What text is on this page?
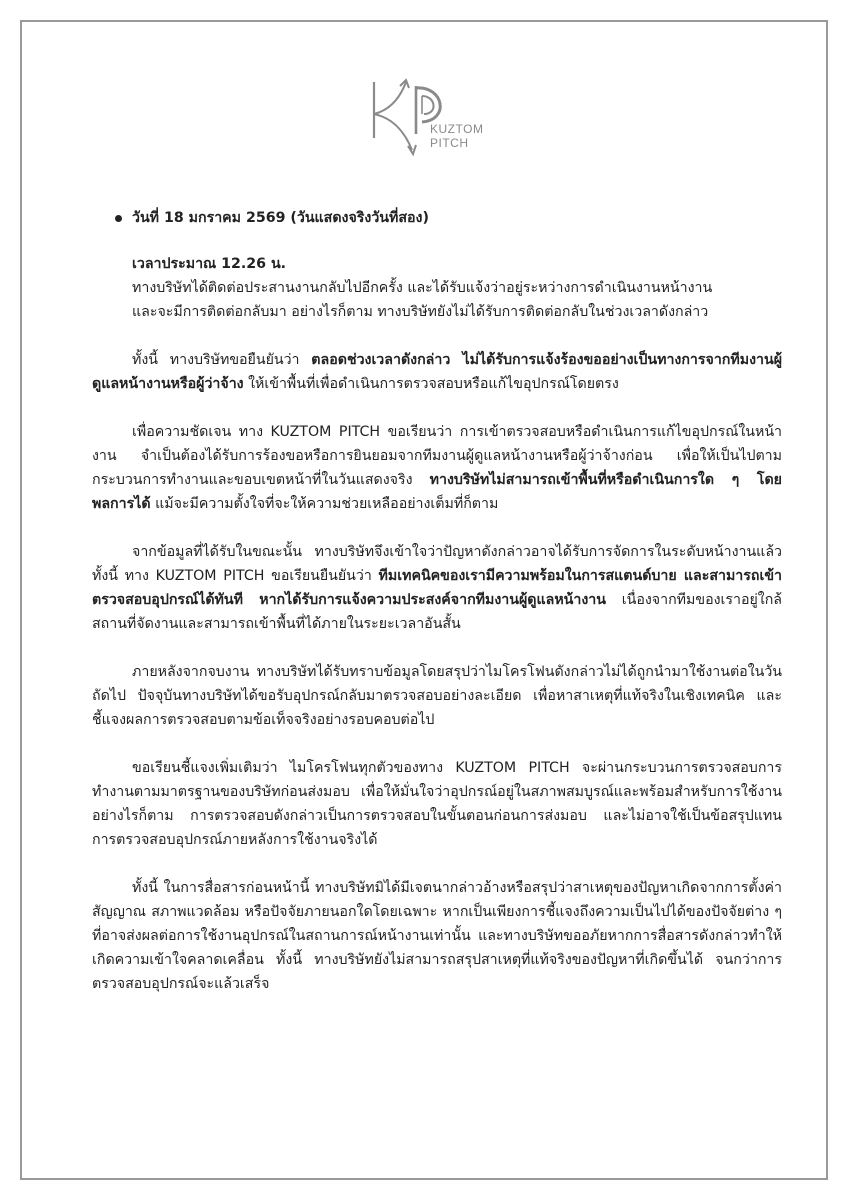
KUZTOM
PITCH
วันที่ 18 มกราคม 2569 (วันแสดงจริงวันที่สอง)
เวลาประมาณ 12.26 น.
ทางบริษัทได้ติดต่อประสานงานกลับไปอีกครั้ง และได้รับแจ้งว่าอยู่ระหว่างการดำเนินงานหน้างาน
และจะมีการติดต่อกลับมา อย่างไรก็ตาม ทางบริษัทยังไม่ได้รับการติดต่อกลับในช่วงเวลาดังกล่าว

ทั้งนี้ ทางบริษัทขอยืนยันว่า ตลอดช่วงเวลาดังกล่าว ไม่ได้รับการแจ้งร้องขออย่างเป็นทางการจากทีมงานผู้ดูแลหน้างานหรือผู้ว่าจ้าง ให้เข้าพื้นที่เพื่อดำเนินการตรวจสอบหรือแก้ไขอุปกรณ์โดยตรง

เพื่อความชัดเจน ทาง KUZTOM PITCH ขอเรียนว่า การเข้าตรวจสอบหรือดำเนินการแก้ไขอุปกรณ์ในหน้างาน จำเป็นต้องได้รับการร้องขอหรือการยินยอมจากทีมงานผู้ดูแลหน้างานหรือผู้ว่าจ้างก่อน เพื่อให้เป็นไปตามกระบวนการทำงานและขอบเขตหน้าที่ในวันแสดงจริง ทางบริษัทไม่สามารถเข้าพื้นที่หรือดำเนินการใด ๆ โดยพลการได้ แม้จะมีความตั้งใจที่จะให้ความช่วยเหลืออย่างเต็มที่ก็ตาม

จากข้อมูลที่ได้รับในขณะนั้น ทางบริษัทจึงเข้าใจว่าปัญหาดังกล่าวอาจได้รับการจัดการในระดับหน้างานแล้ว ทั้งนี้ ทาง KUZTOM PITCH ขอเรียนยืนยันว่า ทีมเทคนิคของเรามีความพร้อมในการสแตนด์บาย และสามารถเข้าตรวจสอบอุปกรณ์ได้ทันที หากได้รับการแจ้งความประสงค์จากทีมงานผู้ดูแลหน้างาน เนื่องจากทีมของเราอยู่ใกล้สถานที่จัดงานและสามารถเข้าพื้นที่ได้ภายในระยะเวลาอันสั้น

ภายหลังจากจบงาน ทางบริษัทได้รับทราบข้อมูลโดยสรุปว่าไมโครโฟนดังกล่าวไม่ได้ถูกนำมาใช้งานต่อในวันถัดไป ปัจจุบันทางบริษัทได้ขอรับอุปกรณ์กลับมาตรวจสอบอย่างละเอียด เพื่อหาสาเหตุที่แท้จริงในเชิงเทคนิค และชี้แจงผลการตรวจสอบตามข้อเท็จจริงอย่างรอบคอบต่อไป

ขอเรียนชี้แจงเพิ่มเติมว่า ไมโครโฟนทุกตัวของทาง KUZTOM PITCH จะผ่านกระบวนการตรวจสอบการทำงานตามมาตรฐานของบริษัทก่อนส่งมอบ เพื่อให้มั่นใจว่าอุปกรณ์อยู่ในสภาพสมบูรณ์และพร้อมสำหรับการใช้งาน อย่างไรก็ตาม การตรวจสอบดังกล่าวเป็นการตรวจสอบในขั้นตอนก่อนการส่งมอบ และไม่อาจใช้เป็นข้อสรุปแทนการตรวจสอบอุปกรณ์ภายหลังการใช้งานจริงได้

ทั้งนี้ ในการสื่อสารก่อนหน้านี้ ทางบริษัทมิได้มีเจตนากล่าวอ้างหรือสรุปว่าสาเหตุของปัญหาเกิดจากการตั้งค่าสัญญาณ สภาพแวดล้อม หรือปัจจัยภายนอกใดโดยเฉพาะ หากเป็นเพียงการชี้แจงถึงความเป็นไปได้ของปัจจัยต่าง ๆ ที่อาจส่งผลต่อการใช้งานอุปกรณ์ในสถานการณ์หน้างานเท่านั้น และทางบริษัทขออภัยหากการสื่อสารดังกล่าวทำให้เกิดความเข้าใจคลาดเคลื่อน ทั้งนี้ ทางบริษัทยังไม่สามารถสรุปสาเหตุที่แท้จริงของปัญหาที่เกิดขึ้นได้ จนกว่าการตรวจสอบอุปกรณ์จะแล้วเสร็จ
